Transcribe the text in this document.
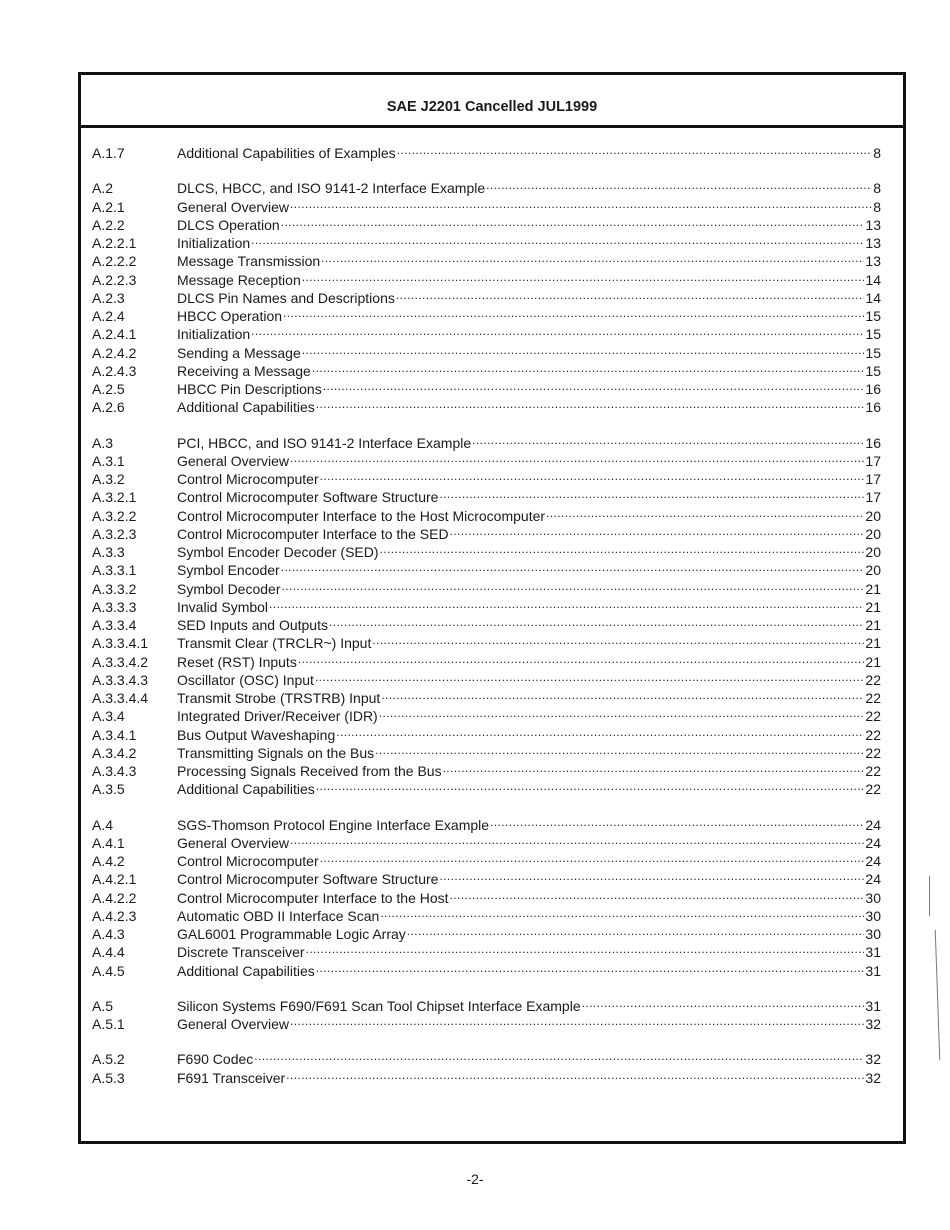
SAE J2201 Cancelled JUL1999
A.1.7	Additional Capabilities of Examples .....	8
A.2	DLCS, HBCC, and ISO 9141-2 Interface Example .....	8
A.2.1	General Overview .....	8
A.2.2	DLCS Operation .....	13
A.2.2.1	Initialization .....	13
A.2.2.2	Message Transmission .....	13
A.2.2.3	Message Reception .....	14
A.2.3	DLCS Pin Names and Descriptions .....	14
A.2.4	HBCC Operation .....	15
A.2.4.1	Initialization .....	15
A.2.4.2	Sending a Message .....	15
A.2.4.3	Receiving a Message .....	15
A.2.5	HBCC Pin Descriptions .....	16
A.2.6	Additional Capabilities .....	16
A.3	PCI, HBCC, and ISO 9141-2 Interface Example .....	16
A.3.1	General Overview .....	17
A.3.2	Control Microcomputer .....	17
A.3.2.1	Control Microcomputer Software Structure .....	17
A.3.2.2	Control Microcomputer Interface to the Host Microcomputer .....	20
A.3.2.3	Control Microcomputer Interface to the SED .....	20
A.3.3	Symbol Encoder Decoder (SED) .....	20
A.3.3.1	Symbol Encoder .....	20
A.3.3.2	Symbol Decoder .....	21
A.3.3.3	Invalid Symbol .....	21
A.3.3.4	SED Inputs and Outputs .....	21
A.3.3.4.1	Transmit Clear (TRCLR~) Input .....	21
A.3.3.4.2	Reset (RST) Inputs .....	21
A.3.3.4.3	Oscillator (OSC) Input .....	22
A.3.3.4.4	Transmit Strobe (TRSTRB) Input .....	22
A.3.4	Integrated Driver/Receiver (IDR) .....	22
A.3.4.1	Bus Output Waveshaping .....	22
A.3.4.2	Transmitting Signals on the Bus .....	22
A.3.4.3	Processing Signals Received from the Bus .....	22
A.3.5	Additional Capabilities .....	22
A.4	SGS-Thomson Protocol Engine Interface Example .....	24
A.4.1	General Overview .....	24
A.4.2	Control Microcomputer .....	24
A.4.2.1	Control Microcomputer Software Structure .....	24
A.4.2.2	Control Microcomputer Interface to the Host .....	30
A.4.2.3	Automatic OBD II Interface Scan .....	30
A.4.3	GAL6001 Programmable Logic Array .....	30
A.4.4	Discrete Transceiver .....	31
A.4.5	Additional Capabilities .....	31
A.5	Silicon Systems F690/F691 Scan Tool Chipset Interface Example .....	31
A.5.1	General Overview .....	32
A.5.2	F690 Codec .....	32
A.5.3	F691 Transceiver .....	32
-2-
